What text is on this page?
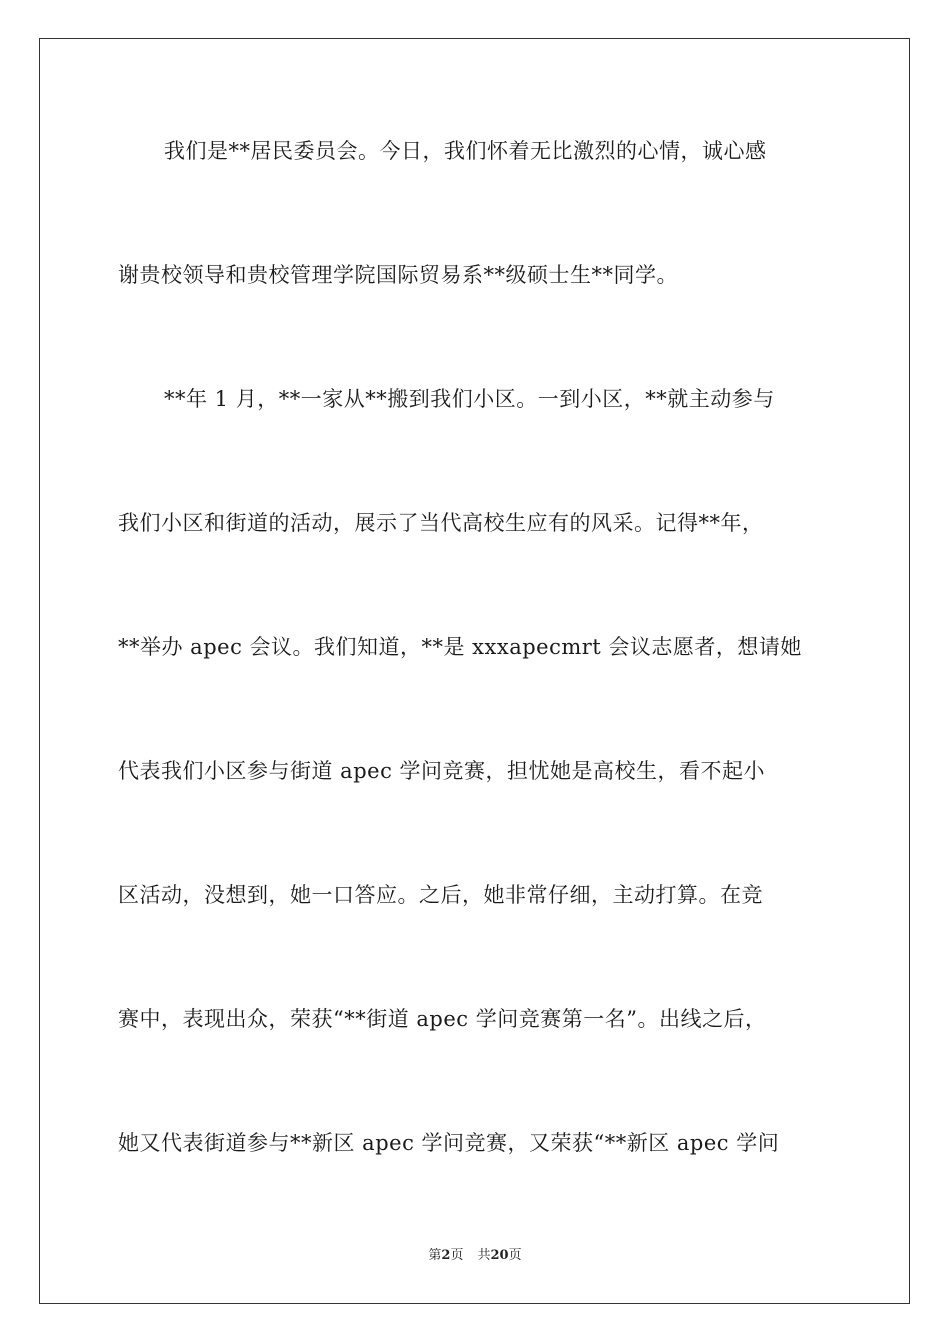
我们是**居民委员会。今日，我们怀着无比激烈的心情，诚心感
谢贵校领导和贵校管理学院国际贸易系**级硕士生**同学。
**年 1 月，**一家从**搬到我们小区。一到小区，**就主动参与
我们小区和街道的活动，展示了当代高校生应有的风采。记得**年，
**举办 apec 会议。我们知道，**是 xxxapecmrt 会议志愿者，想请她
代表我们小区参与街道 apec 学问竞赛，担忧她是高校生，看不起小
区活动，没想到，她一口答应。之后，她非常仔细，主动打算。在竞
赛中，表现出众，荣获“**街道 apec 学问竞赛第一名”。出线之后，
她又代表街道参与**新区 apec 学问竞赛，又荣获“**新区 apec 学问
第2页 共20页
